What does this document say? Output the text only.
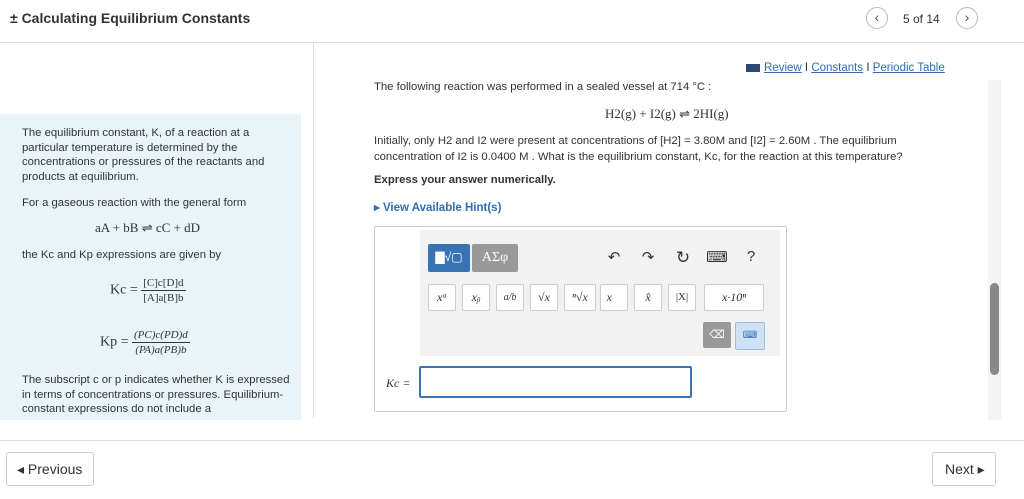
± Calculating Equilibrium Constants	‹	5 of 14	›
The equilibrium constant, K, of a reaction at a particular temperature is determined by the concentrations or pressures of the reactants and products at equilibrium.
For a gaseous reaction with the general form
aA + bB ⇌ cC + dD
the Kc and Kp expressions are given by
$Kc = \frac{[C]c[D]d}{[A]a[B]b}$
$Kp = \frac{(PC)c(PD)d}{(PA)a(PB)b}$
The subscript c or p indicates whether K is expressed in terms of concentrations or pressures. Equilibrium-constant expressions do not include a
Review I Constants I Periodic Table
The following reaction was performed in a sealed vessel at 714 °C :
H2(g) + I2(g) ⇌ 2HI(g)
Initially, only H2 and I2 were present at concentrations of [H2] = 3.80M and [I2] = 2.60M . The equilibrium
concentration of I2 is 0.0400 M . What is the equilibrium constant, Kc, for the reaction at this temperature?
Express your answer numerically.
▸ View Available Hint(s)
▇√▢	ΑΣφ	↶ ↷ ↻ ⌨ ?
xᵃ	xᵦ	a/b	√x	ⁿ√x	x⃗	x̂	|X|	x·10ⁿ
⌫	⌨
Kc =
◂ Previous	Next ▸
